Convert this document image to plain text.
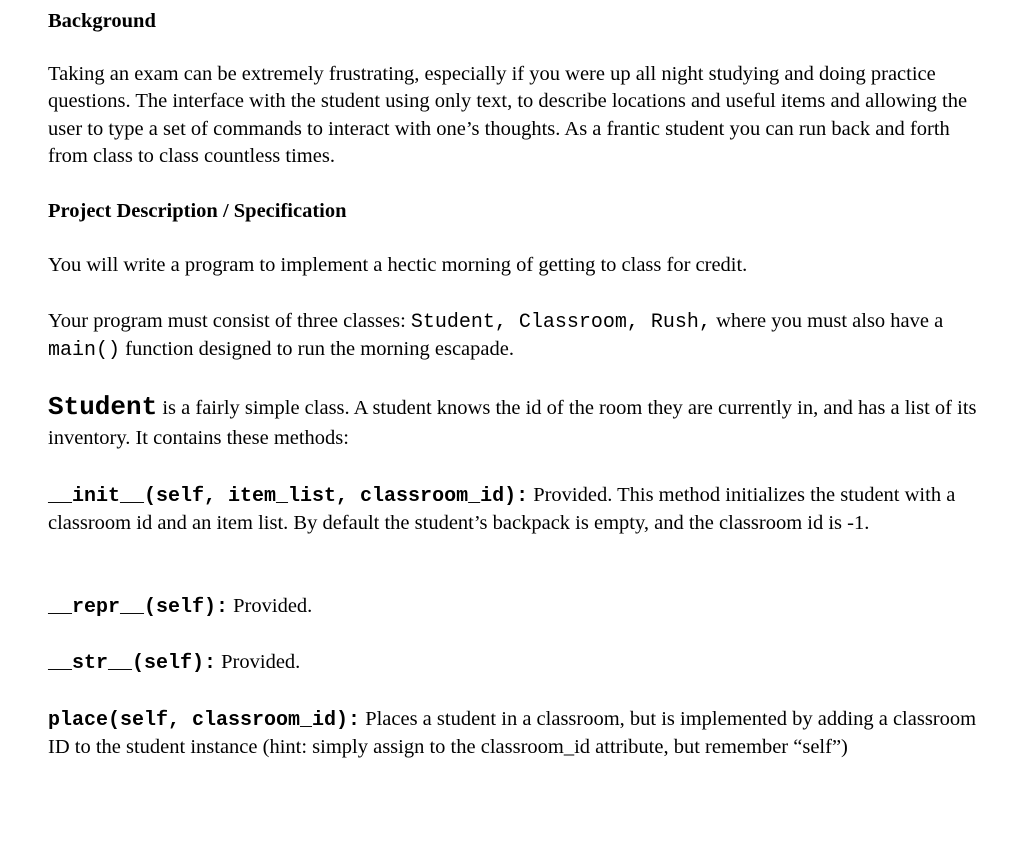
Background

Taking an exam can be extremely frustrating, especially if you were up all night studying and doing practice questions. The interface with the student using only text, to describe locations and useful items and allowing the user to type a set of commands to interact with one’s thoughts. As a frantic student you can run back and forth from class to class countless times.

Project Description / Specification

You will write a program to implement a hectic morning of getting to class for credit.

Your program must consist of three classes: Student, Classroom, Rush, where you must also have a main() function designed to run the morning escapade.

Student is a fairly simple class. A student knows the id of the room they are currently in, and has a list of its inventory. It contains these methods:

__init__(self, item_list, classroom_id): Provided. This method initializes the student with a classroom id and an item list. By default the student’s backpack is empty, and the classroom id is -1.

__repr__(self): Provided.

__str__(self): Provided.

place(self, classroom_id): Places a student in a classroom, but is implemented by adding a classroom ID to the student instance (hint: simply assign to the classroom_id attribute, but remember “self”)
